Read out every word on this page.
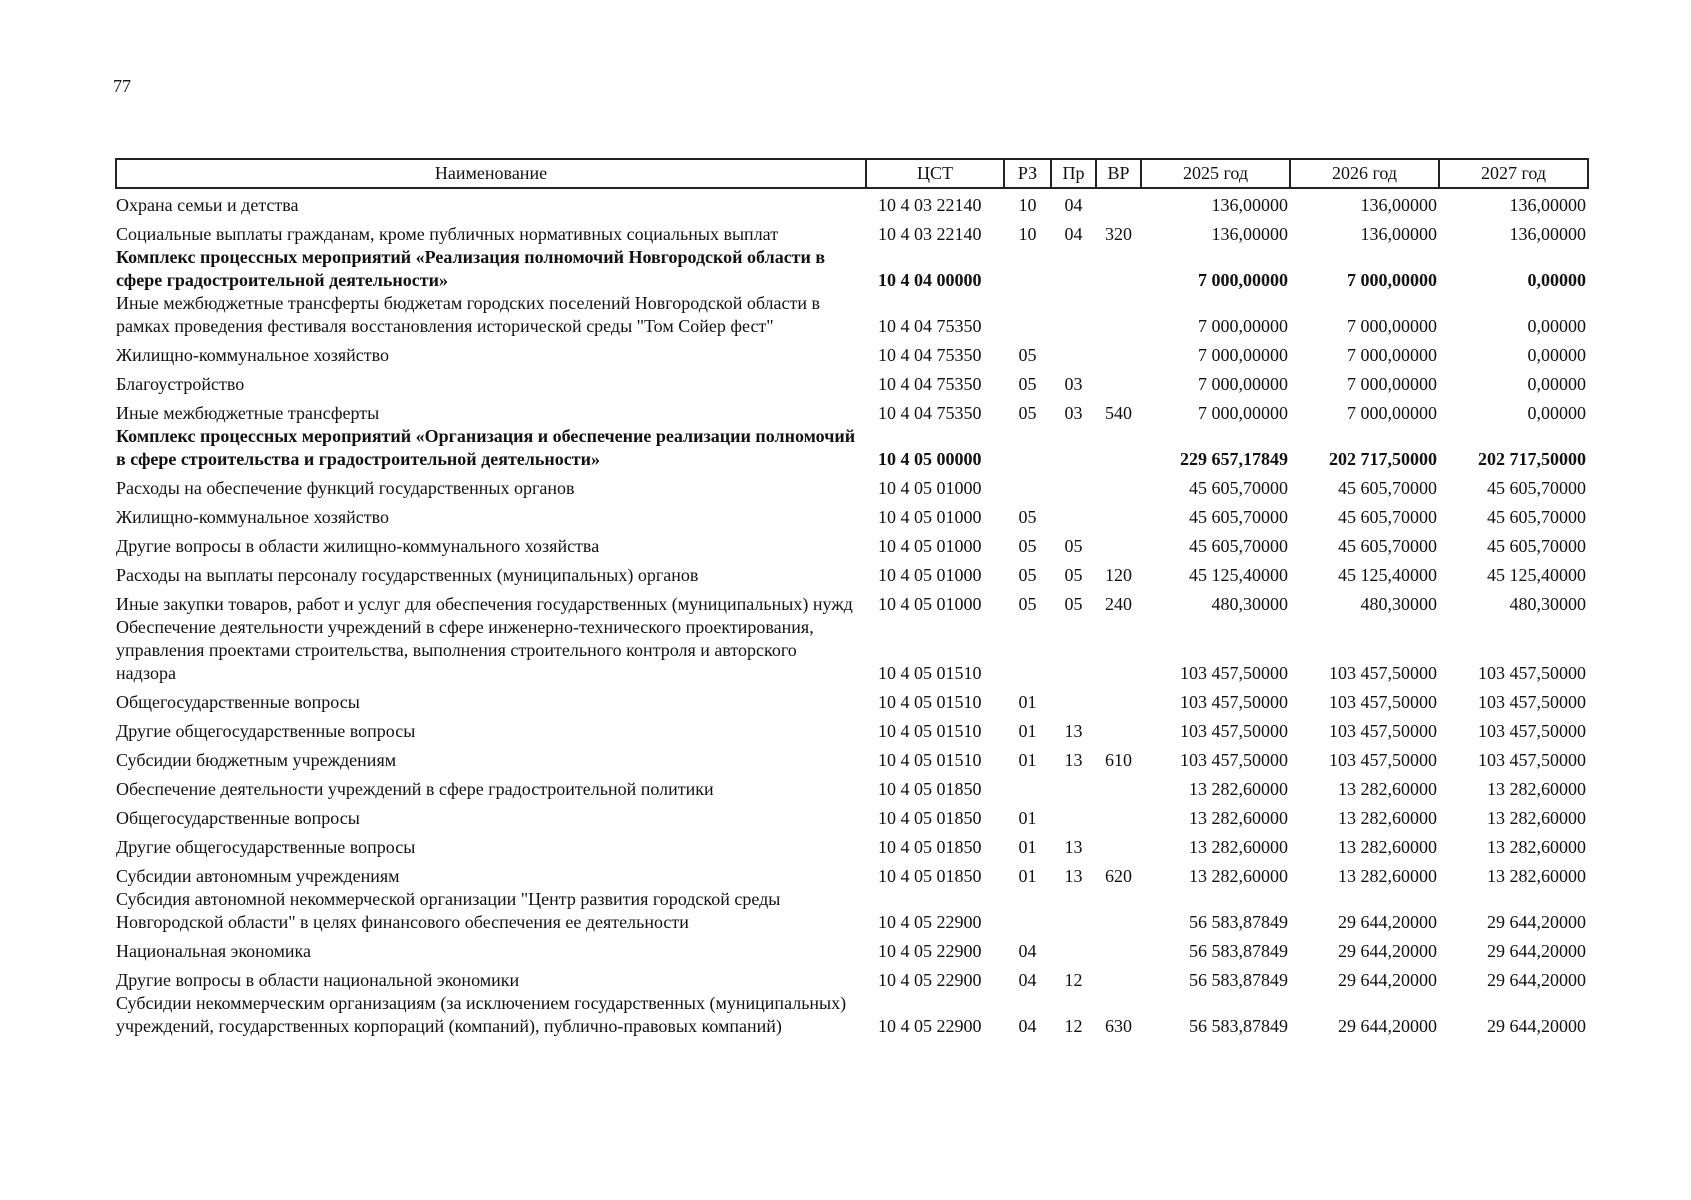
77
Наименование	ЦСТ	РЗ	Пр	ВР	2025 год	2026 год	2027 год
Охрана семьи и детства	10 4 03 22140	10	04		136,00000	136,00000	136,00000
Социальные выплаты гражданам, кроме публичных нормативных социальных выплат	10 4 03 22140	10	04	320	136,00000	136,00000	136,00000
Комплекс процессных мероприятий «Реализация полномочий Новгородской области в сфере градостроительной деятельности»	10 4 04 00000				7 000,00000	7 000,00000	0,00000
Иные межбюджетные трансферты бюджетам городских поселений Новгородской области в рамках проведения фестиваля восстановления исторической среды "Том Сойер фест"	10 4 04 75350				7 000,00000	7 000,00000	0,00000
Жилищно-коммунальное хозяйство	10 4 04 75350	05			7 000,00000	7 000,00000	0,00000
Благоустройство	10 4 04 75350	05	03		7 000,00000	7 000,00000	0,00000
Иные межбюджетные трансферты	10 4 04 75350	05	03	540	7 000,00000	7 000,00000	0,00000
Комплекс процессных мероприятий «Организация и обеспечение реализации полномочий в сфере строительства и градостроительной деятельности»	10 4 05 00000				229 657,17849	202 717,50000	202 717,50000
Расходы на обеспечение функций государственных органов	10 4 05 01000				45 605,70000	45 605,70000	45 605,70000
Жилищно-коммунальное хозяйство	10 4 05 01000	05			45 605,70000	45 605,70000	45 605,70000
Другие вопросы в области жилищно-коммунального хозяйства	10 4 05 01000	05	05		45 605,70000	45 605,70000	45 605,70000
Расходы на выплаты персоналу государственных (муниципальных) органов	10 4 05 01000	05	05	120	45 125,40000	45 125,40000	45 125,40000
Иные закупки товаров, работ и услуг для обеспечения государственных (муниципальных) нужд	10 4 05 01000	05	05	240	480,30000	480,30000	480,30000
Обеспечение деятельности учреждений в сфере инженерно-технического проектирования, управления проектами строительства, выполнения строительного контроля и авторского надзора	10 4 05 01510				103 457,50000	103 457,50000	103 457,50000
Общегосударственные вопросы	10 4 05 01510	01			103 457,50000	103 457,50000	103 457,50000
Другие общегосударственные вопросы	10 4 05 01510	01	13		103 457,50000	103 457,50000	103 457,50000
Субсидии бюджетным учреждениям	10 4 05 01510	01	13	610	103 457,50000	103 457,50000	103 457,50000
Обеспечение деятельности учреждений в сфере градостроительной политики	10 4 05 01850				13 282,60000	13 282,60000	13 282,60000
Общегосударственные вопросы	10 4 05 01850	01			13 282,60000	13 282,60000	13 282,60000
Другие общегосударственные вопросы	10 4 05 01850	01	13		13 282,60000	13 282,60000	13 282,60000
Субсидии автономным учреждениям	10 4 05 01850	01	13	620	13 282,60000	13 282,60000	13 282,60000
Субсидия автономной некоммерческой организации "Центр развития городской среды Новгородской области" в целях финансового обеспечения ее деятельности	10 4 05 22900				56 583,87849	29 644,20000	29 644,20000
Национальная экономика	10 4 05 22900	04			56 583,87849	29 644,20000	29 644,20000
Другие вопросы в области национальной экономики	10 4 05 22900	04	12		56 583,87849	29 644,20000	29 644,20000
Субсидии некоммерческим организациям (за исключением государственных (муниципальных) учреждений, государственных корпораций (компаний), публично-правовых компаний)	10 4 05 22900	04	12	630	56 583,87849	29 644,20000	29 644,20000
